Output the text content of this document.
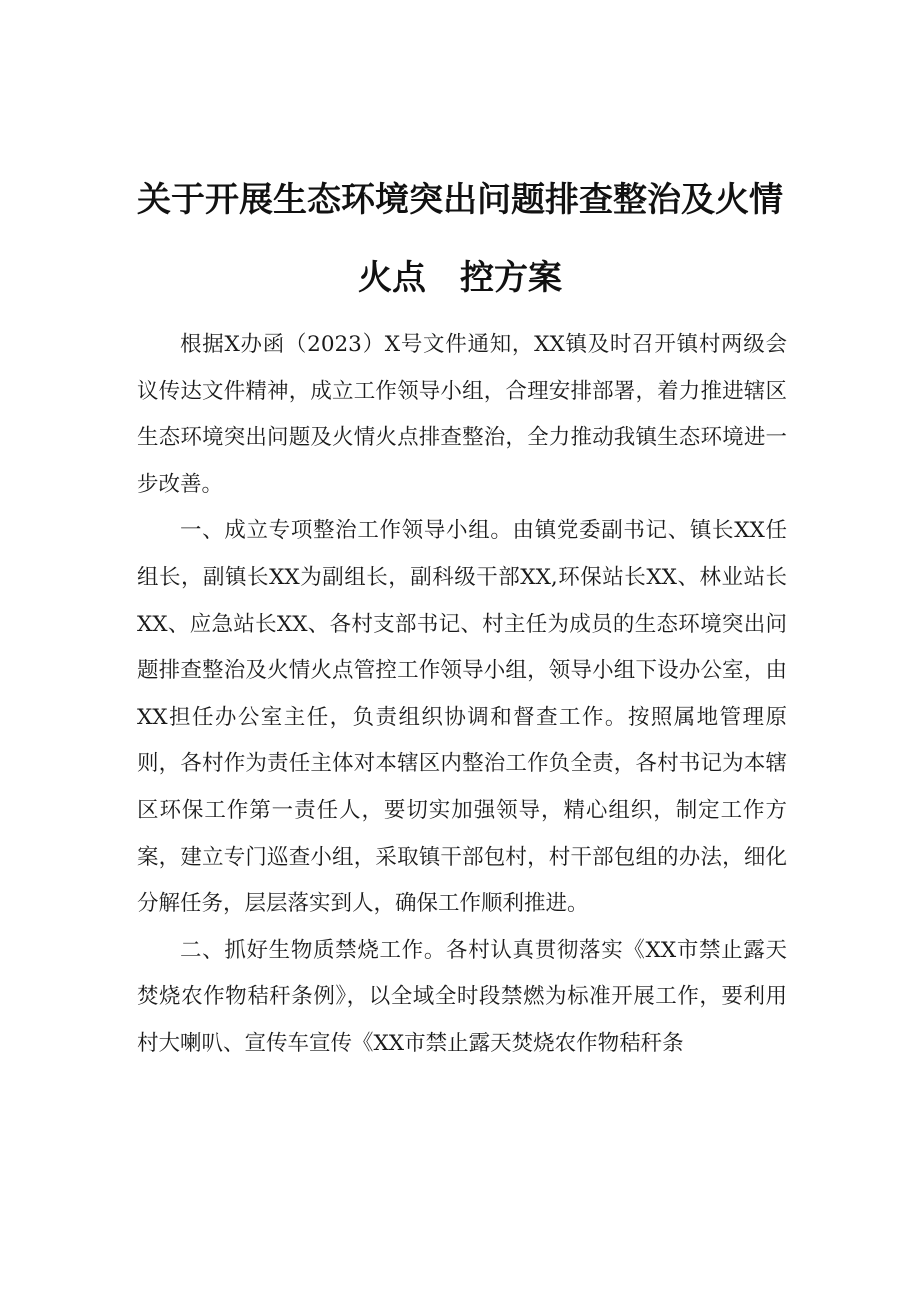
关于开展生态环境突出问题排查整治及火情
火点　控方案

根据X办函（2023）X号文件通知，XX镇及时召开镇村两级会议传达文件精神，成立工作领导小组，合理安排部署，着力推进辖区生态环境突出问题及火情火点排查整治，全力推动我镇生态环境进一步改善。

一、成立专项整治工作领导小组。由镇党委副书记、镇长XX任组长，副镇长XX为副组长，副科级干部XX,环保站长XX、林业站长XX、应急站长XX、各村支部书记、村主任为成员的生态环境突出问题排查整治及火情火点管控工作领导小组，领导小组下设办公室，由XX担任办公室主任，负责组织协调和督查工作。按照属地管理原则，各村作为责任主体对本辖区内整治工作负全责，各村书记为本辖区环保工作第一责任人，要切实加强领导，精心组织，制定工作方案，建立专门巡查小组，采取镇干部包村，村干部包组的办法，细化分解任务，层层落实到人，确保工作顺利推进。

二、抓好生物质禁烧工作。各村认真贯彻落实《XX市禁止露天焚烧农作物秸秆条例》，以全域全时段禁燃为标准开展工作，要利用村大喇叭、宣传车宣传《XX市禁止露天焚烧农作物秸秆条
